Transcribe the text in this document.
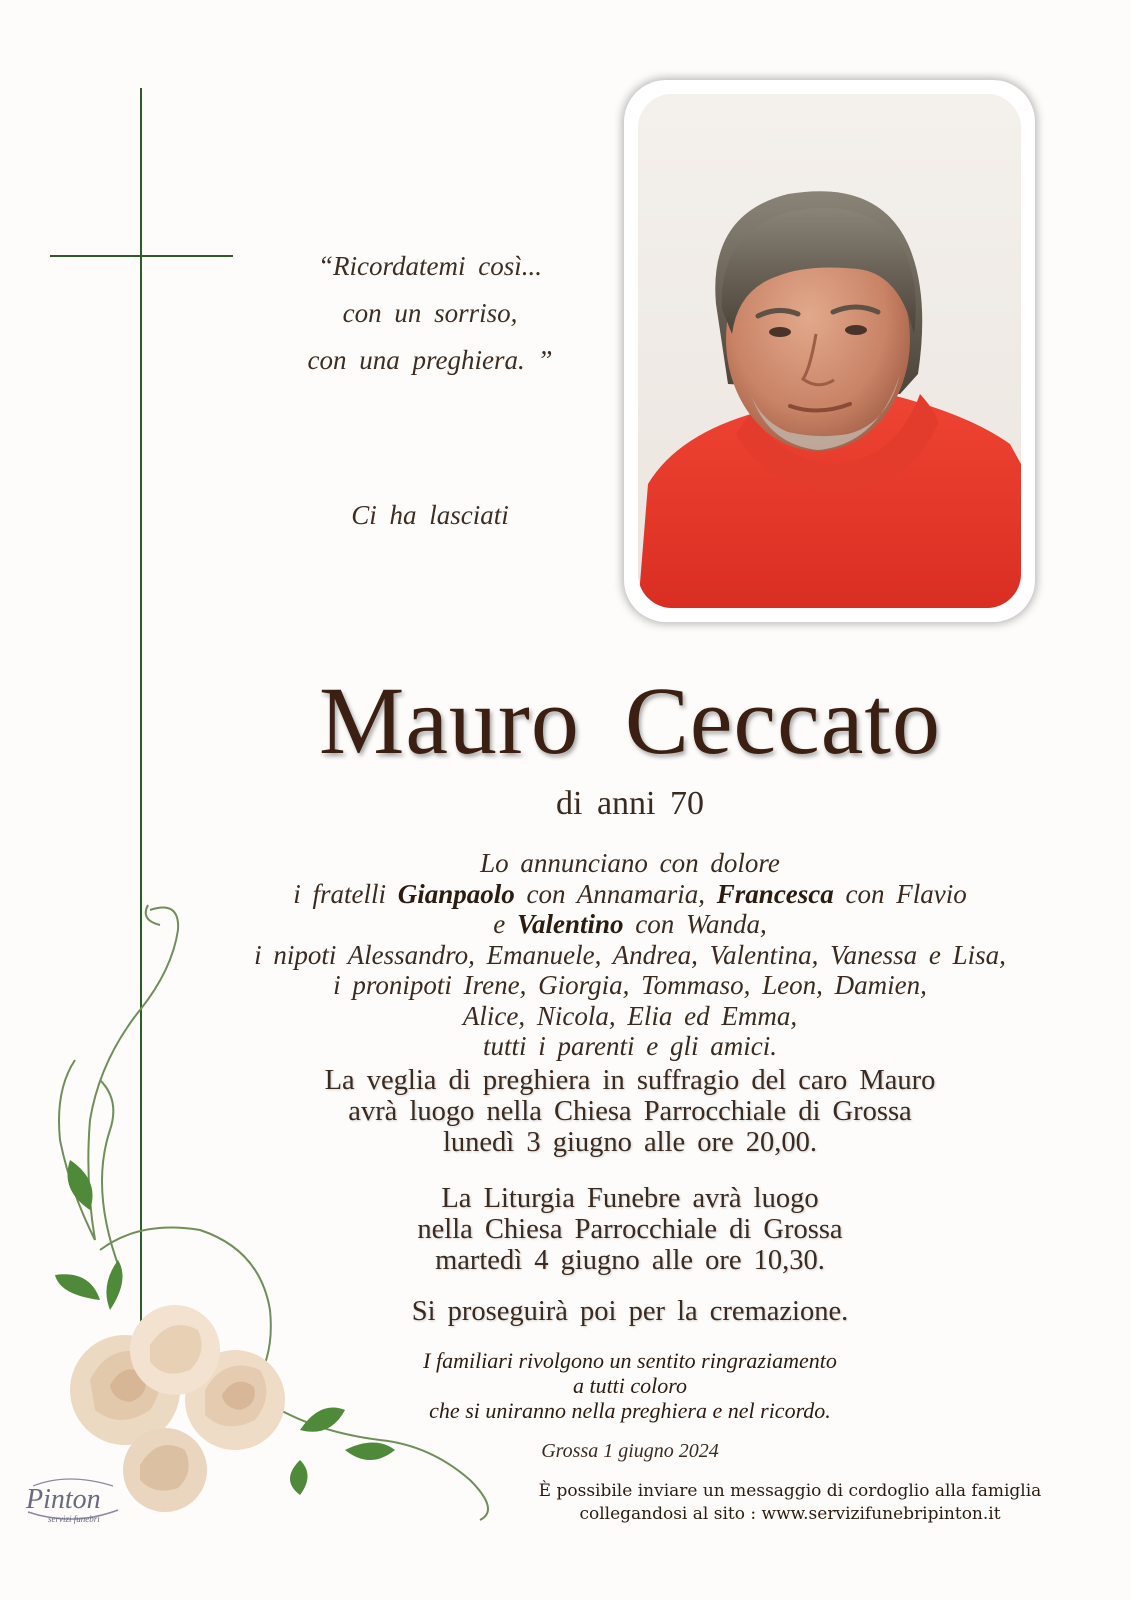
“Ricordatemi così...
con un sorriso,
con una preghiera. ”
Ci ha lasciati
Mauro Ceccato
di anni 70
Lo annunciano con dolore
i fratelli Gianpaolo con Annamaria, Francesca con Flavio
e Valentino con Wanda,
i nipoti Alessandro, Emanuele, Andrea, Valentina, Vanessa e Lisa,
i pronipoti Irene, Giorgia, Tommaso, Leon, Damien,
Alice, Nicola, Elia ed Emma,
tutti i parenti e gli amici.
La veglia di preghiera in suffragio del caro Mauro
avrà luogo nella Chiesa Parrocchiale di Grossa
lunedì 3 giugno alle ore 20,00.
La Liturgia Funebre avrà luogo
nella Chiesa Parrocchiale di Grossa
martedì 4 giugno alle ore 10,30.
Si proseguirà poi per la cremazione.
I familiari rivolgono un sentito ringraziamento
a tutti coloro
che si uniranno nella preghiera e nel ricordo.
Grossa 1 giugno 2024
È possibile inviare un messaggio di cordoglio alla famiglia
collegandosi al sito : www.servizifunebripinton.it
Pinton
servizi funebri
